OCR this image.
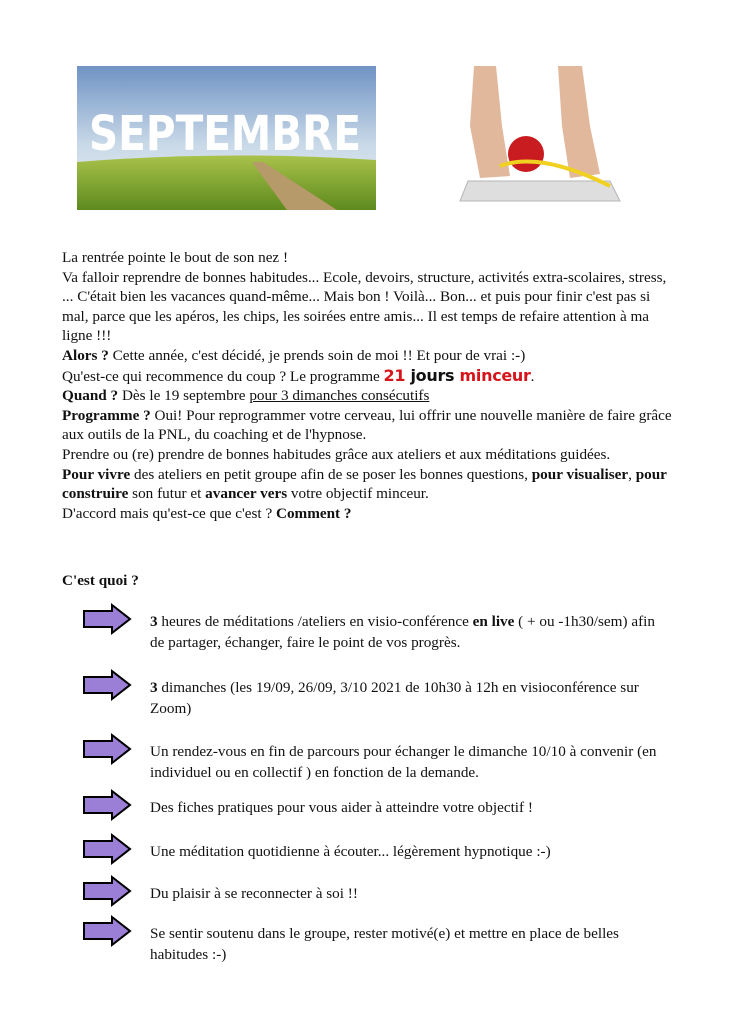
SEPTEMBRE

La rentrée pointe le bout de son nez !

Va falloir reprendre de bonnes habitudes... Ecole, devoirs, structure, activités extra-scolaires, stress, ... C'était bien les vacances quand-même... Mais bon ! Voilà... Bon... et puis pour finir c'est pas si mal, parce que les apéros, les chips, les soirées entre amis... Il est temps de refaire attention à ma ligne !!!

Alors ? Cette année, c'est décidé, je prends soin de moi !! Et pour de vrai :-)

Qu'est-ce qui recommence du coup ? Le programme 21 jours minceur.

Quand ? Dès le 19 septembre pour 3 dimanches consécutifs

Programme ? Oui! Pour reprogrammer votre cerveau, lui offrir une nouvelle manière de faire grâce aux outils de la PNL, du coaching et de l'hypnose.

Prendre ou (re) prendre de bonnes habitudes grâce aux ateliers et aux méditations guidées.

Pour vivre des ateliers en petit groupe afin de se poser les bonnes questions, pour visualiser, pour construire son futur et avancer vers votre objectif minceur.

D'accord mais qu'est-ce que c'est ? Comment ?

C'est quoi ?
3 heures de méditations /ateliers en visio-conférence en live ( + ou -1h30/sem) afin de partager, échanger, faire le point de vos progrès.
3 dimanches (les 19/09, 26/09, 3/10 2021 de 10h30 à 12h en visioconférence sur Zoom)
Un rendez-vous en fin de parcours pour échanger le dimanche 10/10 à convenir (en individuel ou en collectif ) en fonction de la demande.
Des fiches pratiques pour vous aider à atteindre votre objectif !
Une méditation quotidienne à écouter... légèrement hypnotique :-)
Du plaisir à se reconnecter à soi !!
Se sentir soutenu dans le groupe, rester motivé(e) et mettre en place de belles habitudes :-)
